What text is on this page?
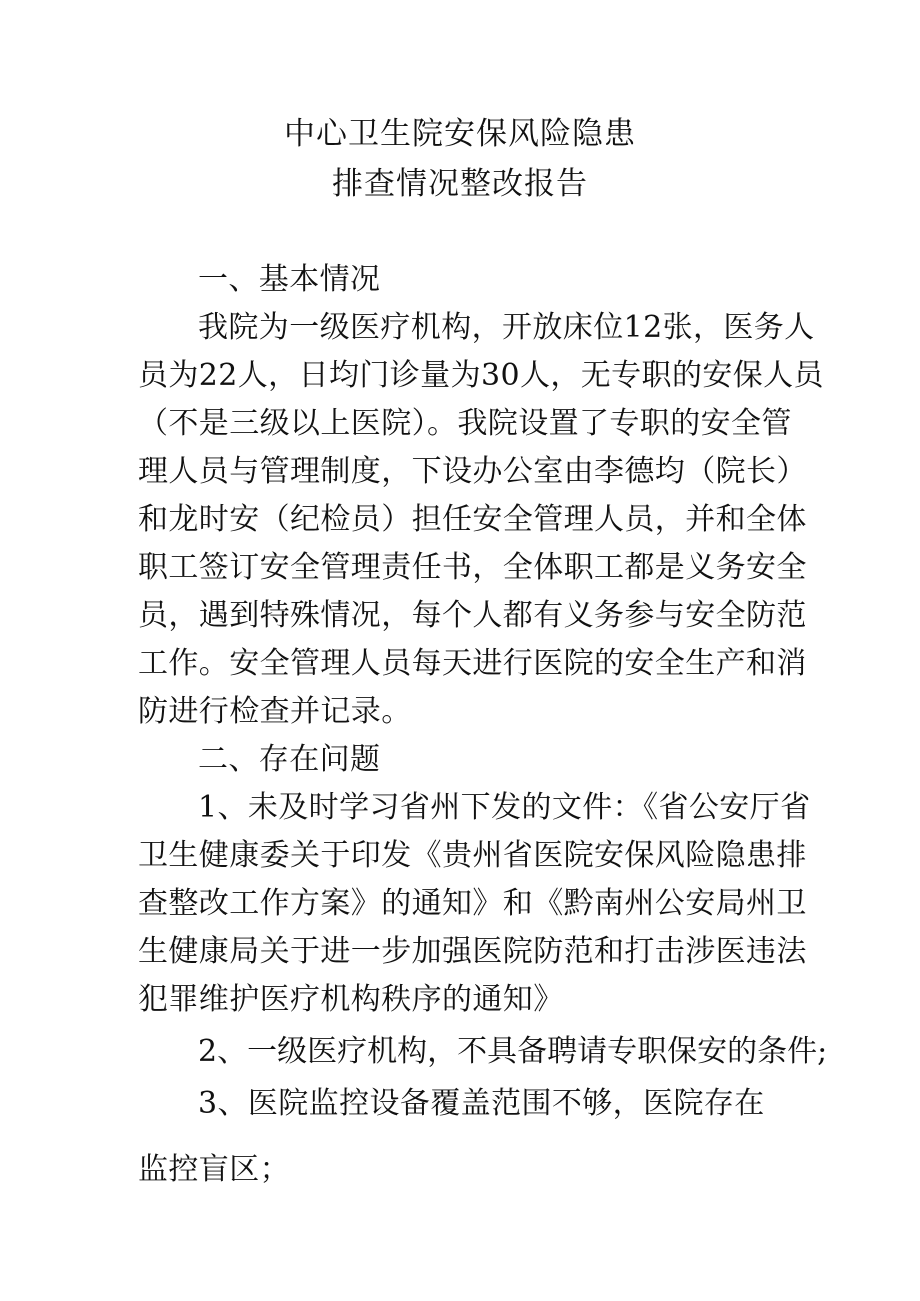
中心卫生院安保风险隐患
排查情况整改报告
一、基本情况
我院为一级医疗机构，开放床位12张，医务人
员为22人，日均门诊量为30人，无专职的安保人员
（不是三级以上医院）。我院设置了专职的安全管
理人员与管理制度，下设办公室由李德均（院长）
和龙时安（纪检员）担任安全管理人员，并和全体
职工签订安全管理责任书，全体职工都是义务安全
员，遇到特殊情况，每个人都有义务参与安全防范
工作。安全管理人员每天进行医院的安全生产和消
防进行检查并记录。
二、存在问题
1、未及时学习省州下发的文件：《省公安厅省
卫生健康委关于印发《贵州省医院安保风险隐患排
查整改工作方案》的通知》和《黔南州公安局州卫
生健康局关于进一步加强医院防范和打击涉医违法
犯罪维护医疗机构秩序的通知》
2、一级医疗机构，不具备聘请专职保安的条件;
3、医院监控设备覆盖范围不够，医院存在
监控盲区；
